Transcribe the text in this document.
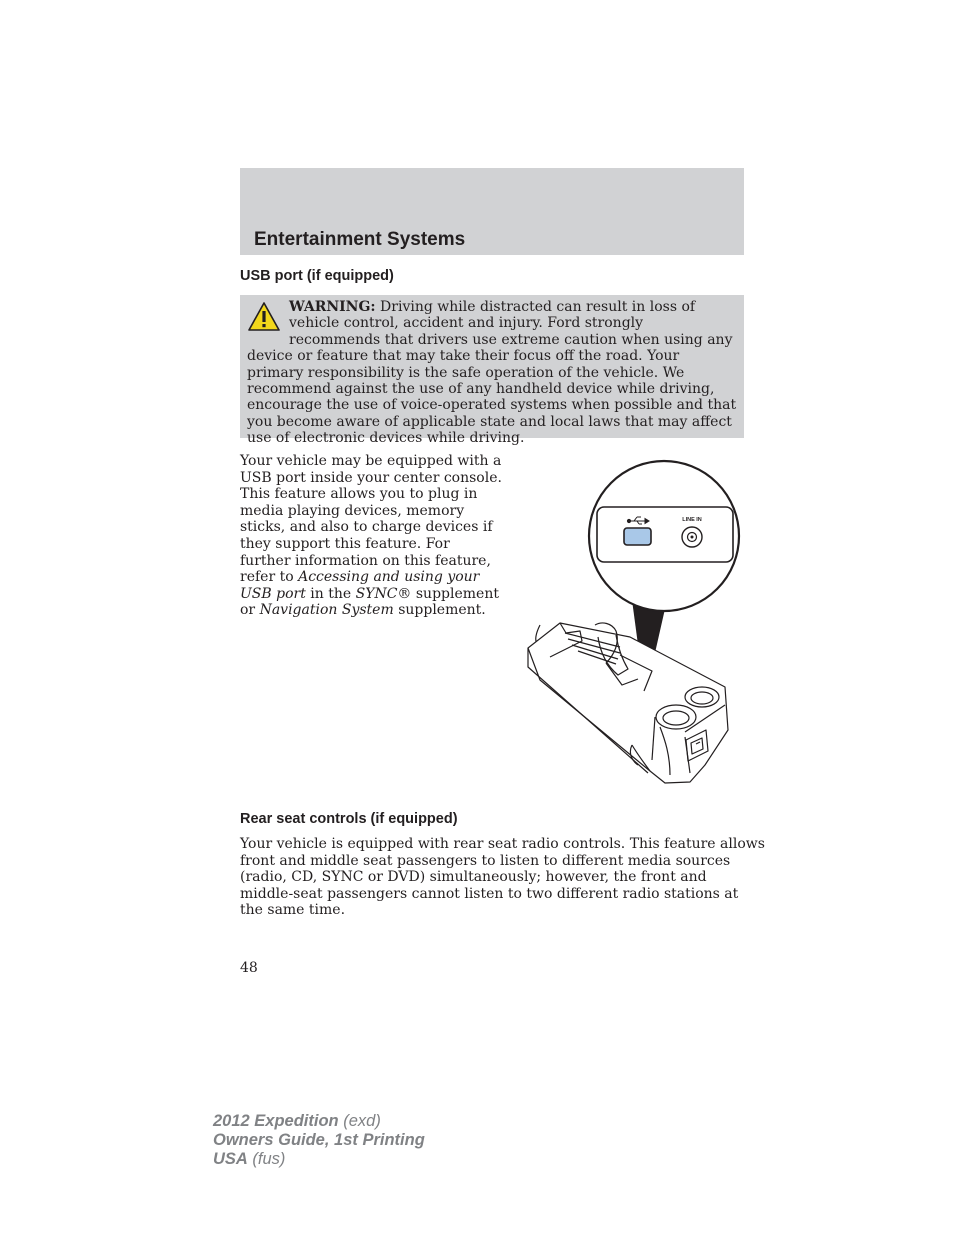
Entertainment Systems
USB port (if equipped)
WARNING: Driving while distracted can result in loss of vehicle control, accident and injury. Ford strongly recommends that drivers use extreme caution when using any device or feature that may take their focus off the road. Your primary responsibility is the safe operation of the vehicle. We recommend against the use of any handheld device while driving, encourage the use of voice-operated systems when possible and that you become aware of applicable state and local laws that may affect use of electronic devices while driving.
Your vehicle may be equipped with a
USB port inside your center console.
This feature allows you to plug in
media playing devices, memory
sticks, and also to charge devices if
they support this feature. For
further information on this feature,
refer to Accessing and using your
USB port in the SYNC® supplement
or Navigation System supplement.
LINE IN
Rear seat controls (if equipped)
Your vehicle is equipped with rear seat radio controls. This feature allows
front and middle seat passengers to listen to different media sources
(radio, CD, SYNC or DVD) simultaneously; however, the front and
middle-seat passengers cannot listen to two different radio stations at
the same time.

48

2012 Expedition (exd)
Owners Guide, 1st Printing
USA (fus)
